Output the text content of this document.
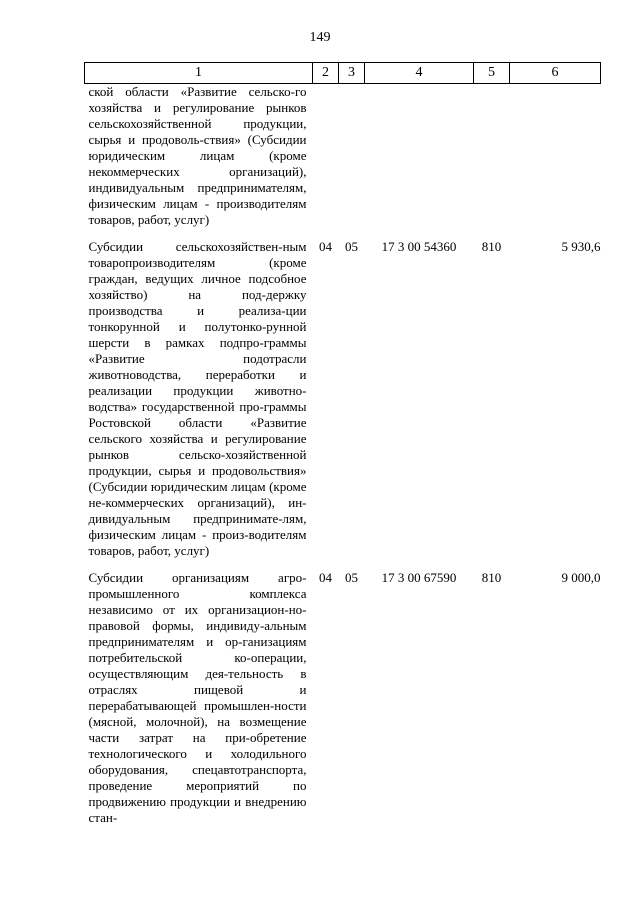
149
1	2	3	4	5	6
ской области «Развитие сельско-го хозяйства и регулирование рынков сельскохозяйственной продукции, сырья и продоволь-ствия» (Субсидии юридическим лицам (кроме некоммерческих организаций), индивидуальным предпринимателям, физическим лицам - производителям товаров, работ, услуг)					

Субсидии сельскохозяйствен-ным товаропроизводителям (кроме граждан, ведущих личное подсобное хозяйство) на под-держку производства и реализа-ции тонкорунной и полутонко-рунной шерсти в рамках подпро-граммы «Развитие подотрасли животноводства, переработки и реализации продукции животно-водства» государственной про-граммы Ростовской области «Развитие сельского хозяйства и регулирование рынков сельско-хозяйственной продукции, сырья и продовольствия» (Субсидии юридическим лицам (кроме не-коммерческих организаций), ин-дивидуальным предпринимате-лям, физическим лицам - произ-водителям товаров, работ, услуг)	04	05	17 3 00 54360	810	5 930,6

Субсидии организациям агро-промышленного комплекса независимо от их организацион-но-правовой формы, индивиду-альным предпринимателям и ор-ганизациям потребительской ко-операции, осуществляющим дея-тельность в отраслях пищевой и перерабатывающей промышлен-ности (мясной, молочной), на возмещение части затрат на при-обретение технологического и холодильного оборудования, спецавтотранспорта, проведение мероприятий по продвижению продукции и внедрению стан-	04	05	17 3 00 67590	810	9 000,0
